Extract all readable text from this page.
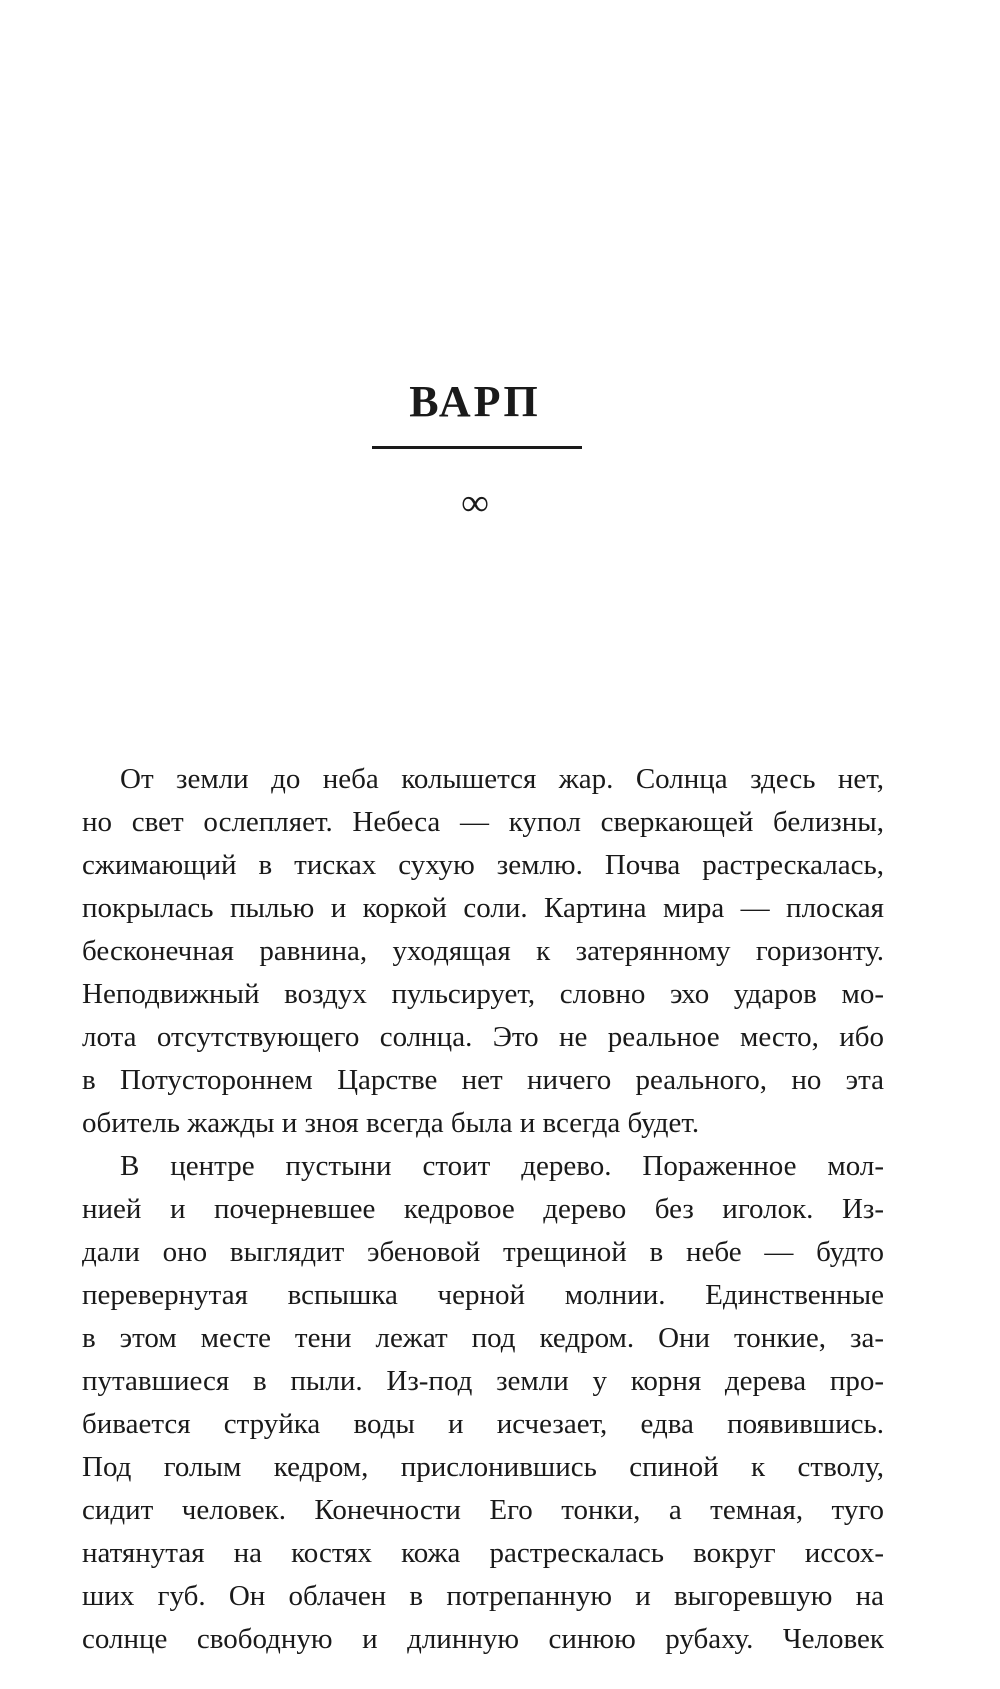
ВАРП
∞
От земли до неба колышется жар. Солнца здесь нет,
но свет ослепляет. Небеса — купол сверкающей белизны,
сжимающий в тисках сухую землю. Почва растрескалась,
покрылась пылью и коркой соли. Картина мира — плоская
бесконечная равнина, уходящая к затерянному горизонту.
Неподвижный воздух пульсирует, словно эхо ударов мо-
лота отсутствующего солнца. Это не реальное место, ибо
в Потустороннем Царстве нет ничего реального, но эта
обитель жажды и зноя всегда была и всегда будет.
В центре пустыни стоит дерево. Пораженное мол-
нией и почерневшее кедровое дерево без иголок. Из-
дали оно выглядит эбеновой трещиной в небе — будто
перевернутая вспышка черной молнии. Единственные
в этом месте тени лежат под кедром. Они тонкие, за-
путавшиеся в пыли. Из-под земли у корня дерева про-
бивается струйка воды и исчезает, едва появившись.
Под голым кедром, прислонившись спиной к стволу,
сидит человек. Конечности Его тонки, а темная, туго
натянутая на костях кожа растрескалась вокруг иссох-
ших губ. Он облачен в потрепанную и выгоревшую на
солнце свободную и длинную синюю рубаху. Человек
